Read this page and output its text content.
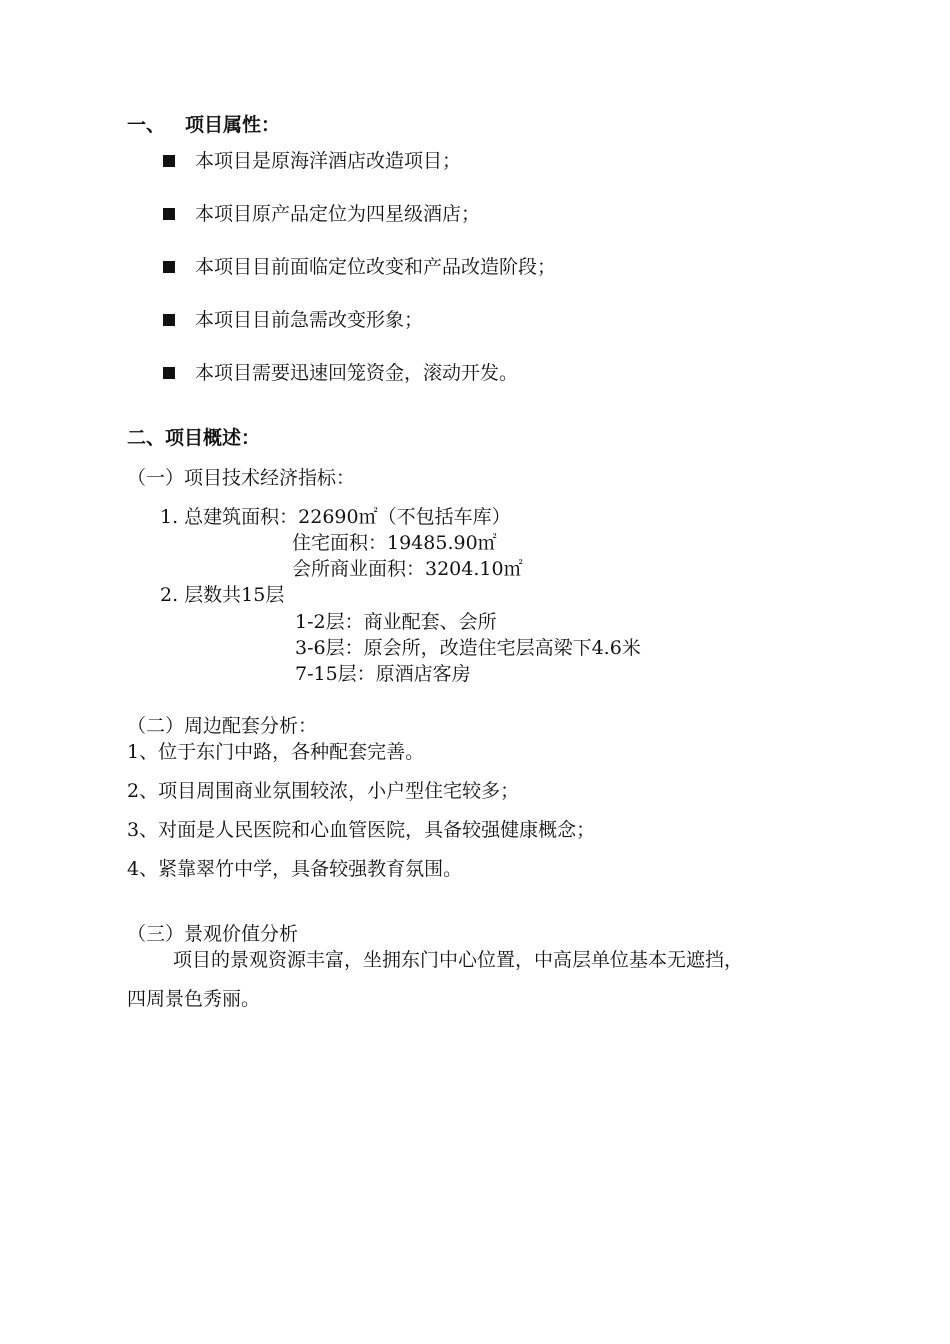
一、 项目属性：
本项目是原海洋酒店改造项目；
本项目原产品定位为四星级酒店；
本项目目前面临定位改变和产品改造阶段；
本项目目前急需改变形象；
本项目需要迅速回笼资金，滚动开发。
二、项目概述：
（一）项目技术经济指标：
1. 总建筑面积：22690㎡（不包括车库）
住宅面积：19485.90㎡
会所商业面积：3204.10㎡
2. 层数共15层
1-2层：商业配套、会所
3-6层：原会所，改造住宅层高梁下4.6米
7-15层：原酒店客房
（二）周边配套分析：
1、位于东门中路，各种配套完善。
2、项目周围商业氛围较浓，小户型住宅较多；
3、对面是人民医院和心血管医院，具备较强健康概念；
4、紧靠翠竹中学，具备较强教育氛围。
（三）景观价值分析
项目的景观资源丰富，坐拥东门中心位置，中高层单位基本无遮挡，
四周景色秀丽。
